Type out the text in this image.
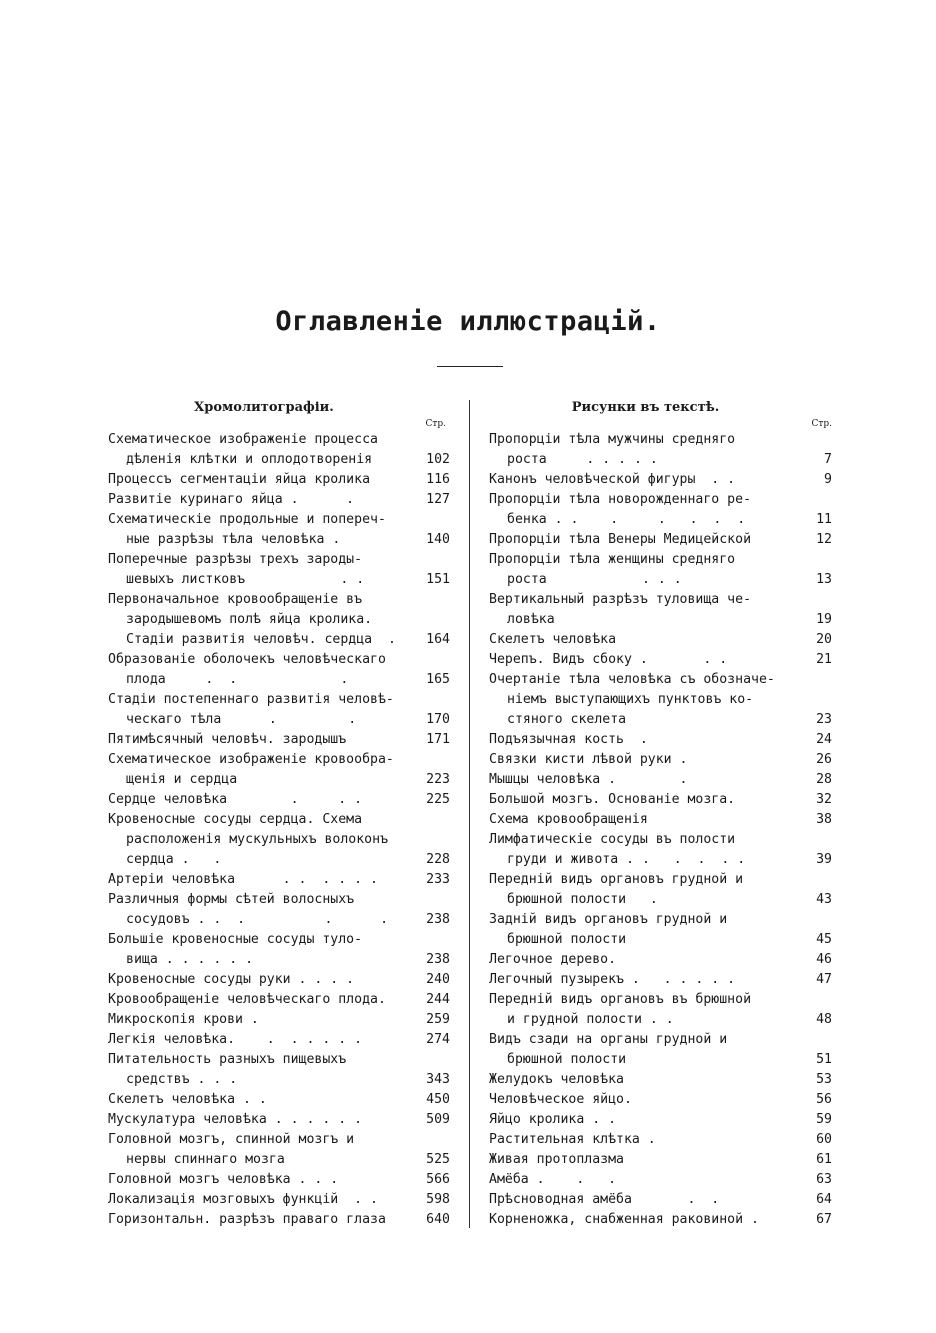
Оглавленіе иллюстрацій.
Хромолитографіи.
Стр.
Схематическое изображеніе процесса
дѣленія клѣтки и оплодотворенія	102
Процессъ сегментаціи яйца кролика	116
Развитіе куринаго яйца .      .	127
Схематическіе продольные и попереч-
ные разрѣзы тѣла человѣка .	140
Поперечные разрѣзы трехъ зароды-
шевыхъ листковъ            . .	151
Первоначальное кровообращеніе въ
зародышевомъ полѣ яйца кролика.
Стадіи развитія человѣч. сердца  .	164
Образованіе оболочекъ человѣческаго
плода     .  .             .	165
Стадіи постепеннаго развитія человѣ-
ческаго тѣла      .         .	170
Пятимѣсячный человѣч. зародышъ	171
Схематическое изображеніе кровообра-
щенія и сердца	223
Сердце человѣка        .     . .	225
Кровеносные сосуды сердца. Схема
расположенія мускульныхъ волоконъ
сердца .   .	228
Артеріи человѣка      . .  . . . .	233
Различныя формы сѣтей волосныхъ
сосудовъ . .  .          .      .	238
Большіе кровеносные сосуды туло-
вища . . . . . .	238
Кровеносные сосуды руки . . . .	240
Кровообращеніе человѣческаго плода.	244
Микроскопія крови .	259
Легкія человѣка.    .  . . . . .	274
Питательность разныхъ пищевыхъ
средствъ . . .	343
Скелетъ человѣка . .	450
Мускулатура человѣка . . . . . .	509
Головной мозгъ, спинной мозгъ и
нервы спиннаго мозга	525
Головной мозгъ человѣка . . .	566
Локализація мозговыхъ функцій  . .	598
Горизонтальн. разрѣзъ праваго глаза	640
Рисунки въ текстѣ.
Стр.
Пропорціи тѣла мужчины средняго
роста     . . . . .	7
Канонъ человѣческой фигуры  . .	9
Пропорціи тѣла новорожденнаго ре-
бенка . .    .     .   .  .  .	11
Пропорціи тѣла Венеры Медицейской	12
Пропорціи тѣла женщины средняго
роста            . . .	13
Вертикальный разрѣзъ туловища че-
ловѣка	19
Скелетъ человѣка	20
Черепъ. Видъ сбоку .       . .	21
Очертаніе тѣла человѣка съ обозначе-
ніемъ выступающихъ пунктовъ ко-
стяного скелета	23
Подъязычная кость  .	24
Связки кисти лѣвой руки .	26
Мышцы человѣка .        .	28
Большой мозгъ. Основаніе мозга.	32
Схема кровообращенія	38
Лимфатическіе сосуды въ полости
груди и живота . .   .  .  . .	39
Передній видъ органовъ грудной и
брюшной полости   .	43
Задній видъ органовъ грудной и
брюшной полости	45
Легочное дерево.	46
Легочный пузырекъ .   . . . . .	47
Передній видъ органовъ въ брюшной
и грудной полости . .	48
Видъ сзади на органы грудной и
брюшной полости	51
Желудокъ человѣка	53
Человѣческое яйцо.	56
Яйцо кролика . .	59
Растительная клѣтка .	60
Живая протоплазма	61
Амёба .    .   .	63
Прѣсноводная амёба       .  .	64
Корненожка, снабженная раковиной .	67
